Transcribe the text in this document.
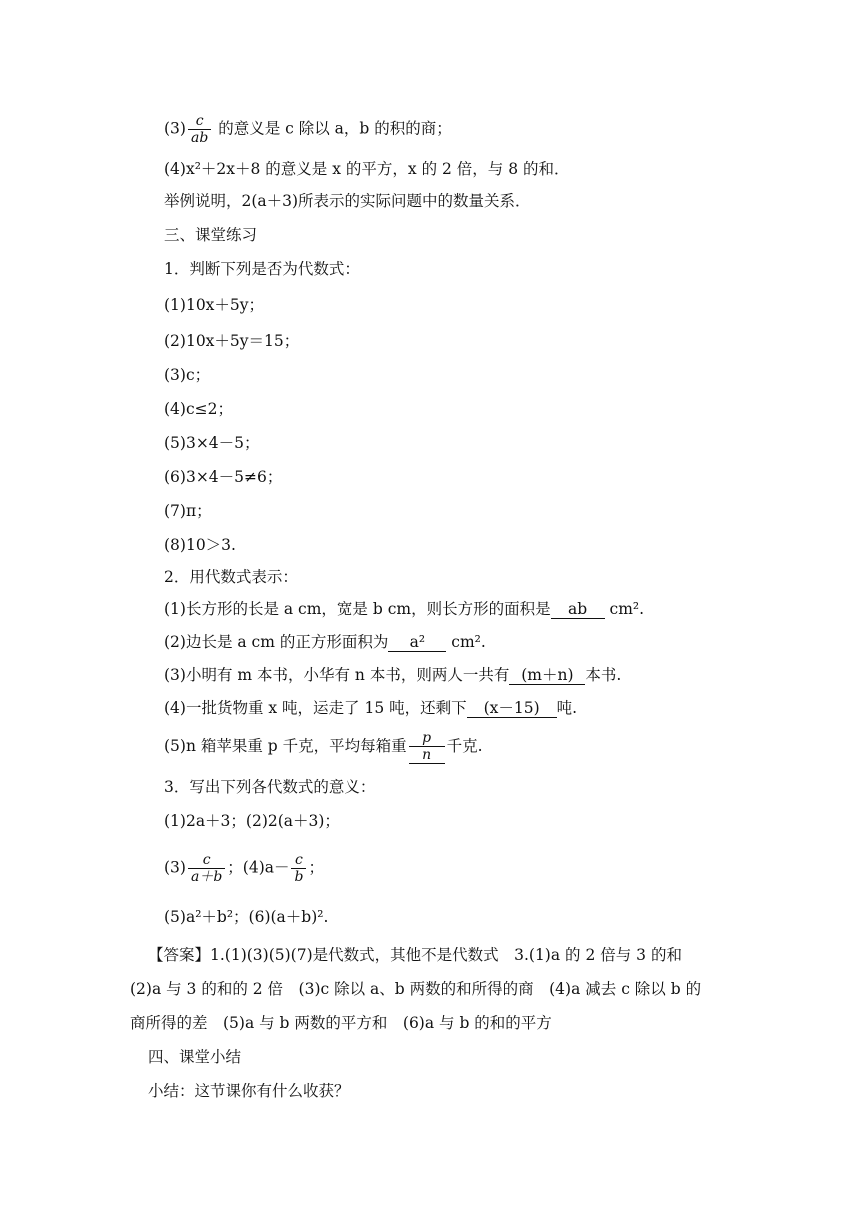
$(3) \frac{c}{ab}$ 的意义是 c 除以 a，b 的积的商；
(4)x²＋2x＋8 的意义是 x 的平方，x 的 2 倍，与 8 的和．
举例说明，2(a＋3)所表示的实际问题中的数量关系．
三、课堂练习
1．判断下列是否为代数式：
(1)10x＋5y；
(2)10x＋5y＝15；
(3)c；
(4)c≤2；
(5)3×4－5；
(6)3×4－5≠6；
(7)π；
(8)10＞3.
2．用代数式表示：
(1)长方形的长是 a cm，宽是 b cm，则长方形的面积是 ab cm².
(2)边长是 a cm 的正方形面积为 a² cm².
(3)小明有 m 本书，小华有 n 本书，则两人一共有 (m＋n) 本书.
(4)一批货物重 x 吨，运走了 15 吨，还剩下 (x－15) 吨.
(5)n 箱苹果重 p 千克，平均每箱重 $\frac{p}{n}$ 千克.
3．写出下列各代数式的意义：
(1)2a＋3；(2)2(a＋3)；
$(3) \frac{c}{a+b}$ ；$(4)a- \frac{c}{b}$ ；
(5)a²＋b²；(6)(a＋b)².
【答案】1.(1)(3)(5)(7)是代数式，其他不是代数式　3.(1)a 的 2 倍与 3 的和
(2)a 与 3 的和的 2 倍　(3)c 除以 a、b 两数的和所得的商　(4)a 减去 c 除以 b 的
商所得的差　(5)a 与 b 两数的平方和　(6)a 与 b 的和的平方
四、课堂小结
小结：这节课你有什么收获？
